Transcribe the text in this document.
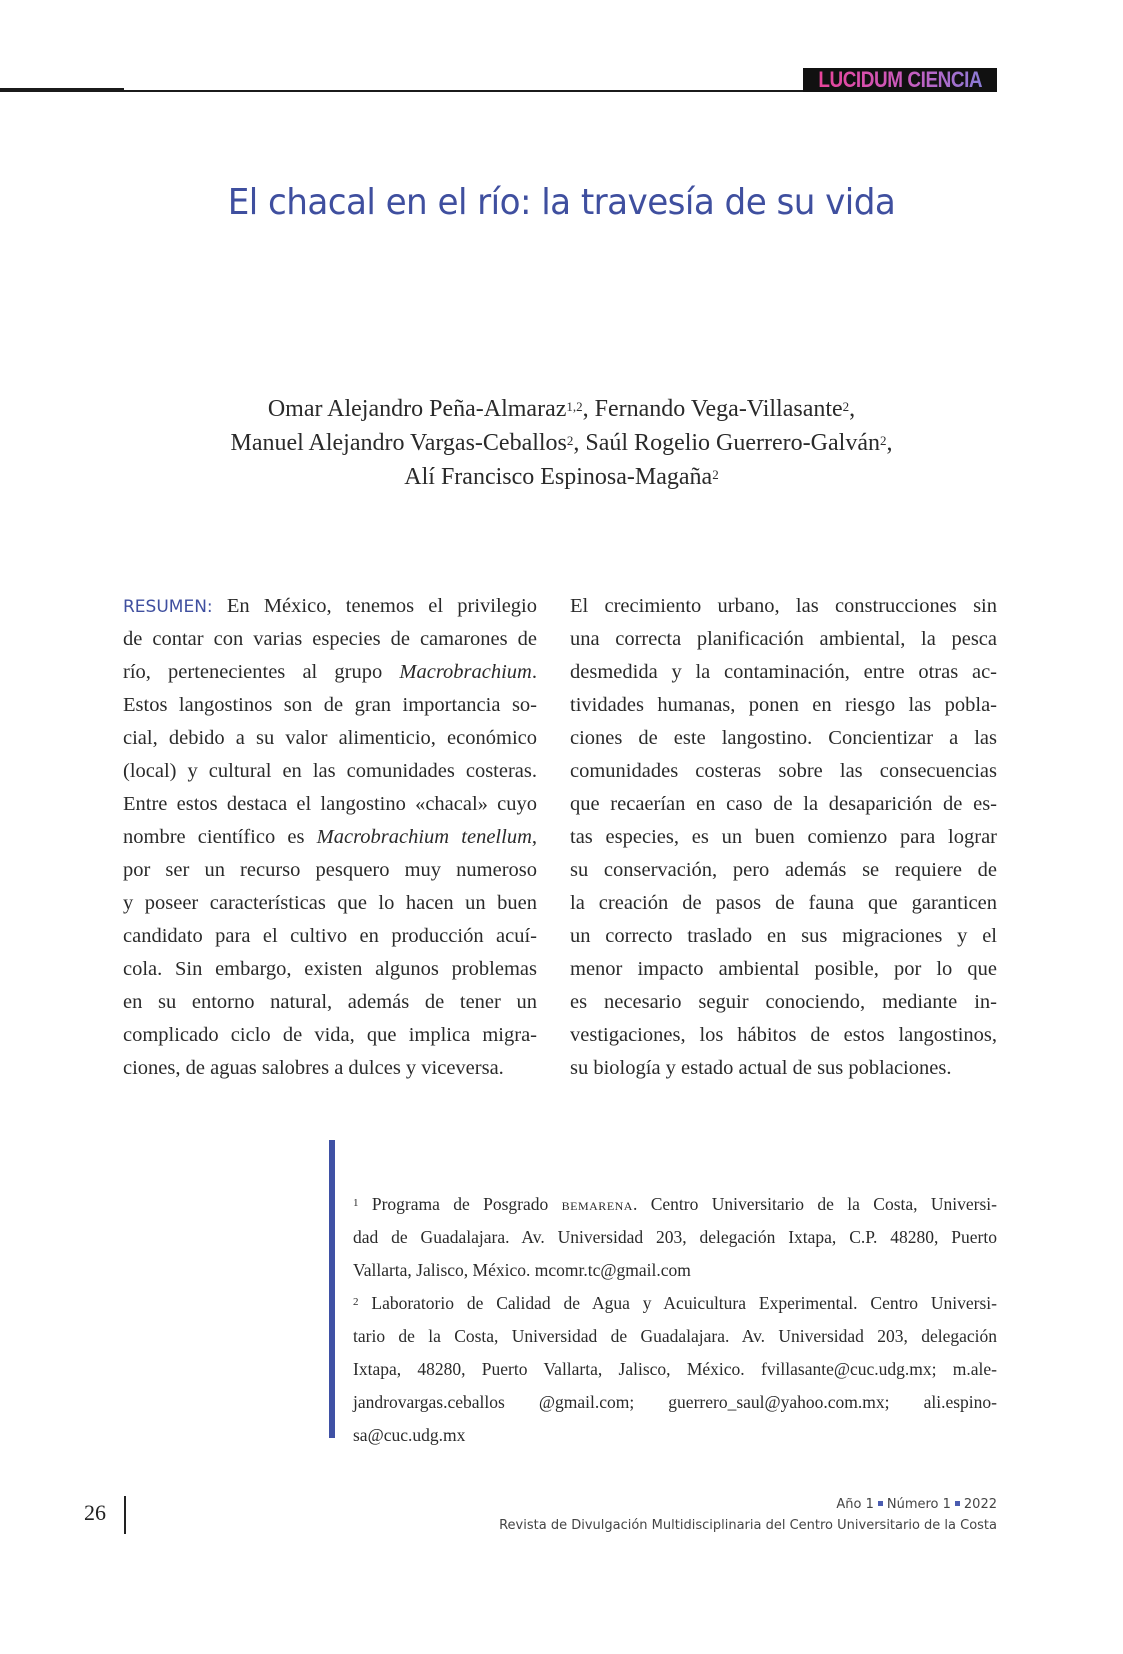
LUCIDUM CIENCIA
El chacal en el río: la travesía de su vida
Omar Alejandro Peña-Almaraz$^{1,2}$, Fernando Vega-Villasante$^2$,
Manuel Alejandro Vargas-Ceballos$^2$, Saúl Rogelio Guerrero-Galván$^2$,
Alí Francisco Espinosa-Magaña$^2$
RESUMEN: En México, tenemos el privilegio
de contar con varias especies de camarones de
río, pertenecientes al grupo Macrobrachium.
Estos langostinos son de gran importancia so-
cial, debido a su valor alimenticio, económico
(local) y cultural en las comunidades costeras.
Entre estos destaca el langostino «chacal» cuyo
nombre científico es Macrobrachium tenellum,
por ser un recurso pesquero muy numeroso
y poseer características que lo hacen un buen
candidato para el cultivo en producción acuí-
cola. Sin embargo, existen algunos problemas
en su entorno natural, además de tener un
complicado ciclo de vida, que implica migra-
ciones, de aguas salobres a dulces y viceversa.
El crecimiento urbano, las construcciones sin
una correcta planificación ambiental, la pesca
desmedida y la contaminación, entre otras ac-
tividades humanas, ponen en riesgo las pobla-
ciones de este langostino. Concientizar a las
comunidades costeras sobre las consecuencias
que recaerían en caso de la desaparición de es-
tas especies, es un buen comienzo para lograr
su conservación, pero además se requiere de
la creación de pasos de fauna que garanticen
un correcto traslado en sus migraciones y el
menor impacto ambiental posible, por lo que
es necesario seguir conociendo, mediante in-
vestigaciones, los hábitos de estos langostinos,
su biología y estado actual de sus poblaciones.
$^1$ Programa de Posgrado bemarena. Centro Universitario de la Costa, Universi-
dad de Guadalajara. Av. Universidad 203, delegación Ixtapa, C.P. 48280, Puerto
Vallarta, Jalisco, México. mcomr.tc@gmail.com
$^2$ Laboratorio de Calidad de Agua y Acuicultura Experimental. Centro Universi-
tario de la Costa, Universidad de Guadalajara. Av. Universidad 203, delegación
Ixtapa, 48280, Puerto Vallarta, Jalisco, México. fvillasante@cuc.udg.mx; m.ale-
jandrovargas.ceballos @gmail.com; guerrero_saul@yahoo.com.mx; ali.espino-
sa@cuc.udg.mx
26	Año 1 Número 1 2022
Revista de Divulgación Multidisciplinaria del Centro Universitario de la Costa
